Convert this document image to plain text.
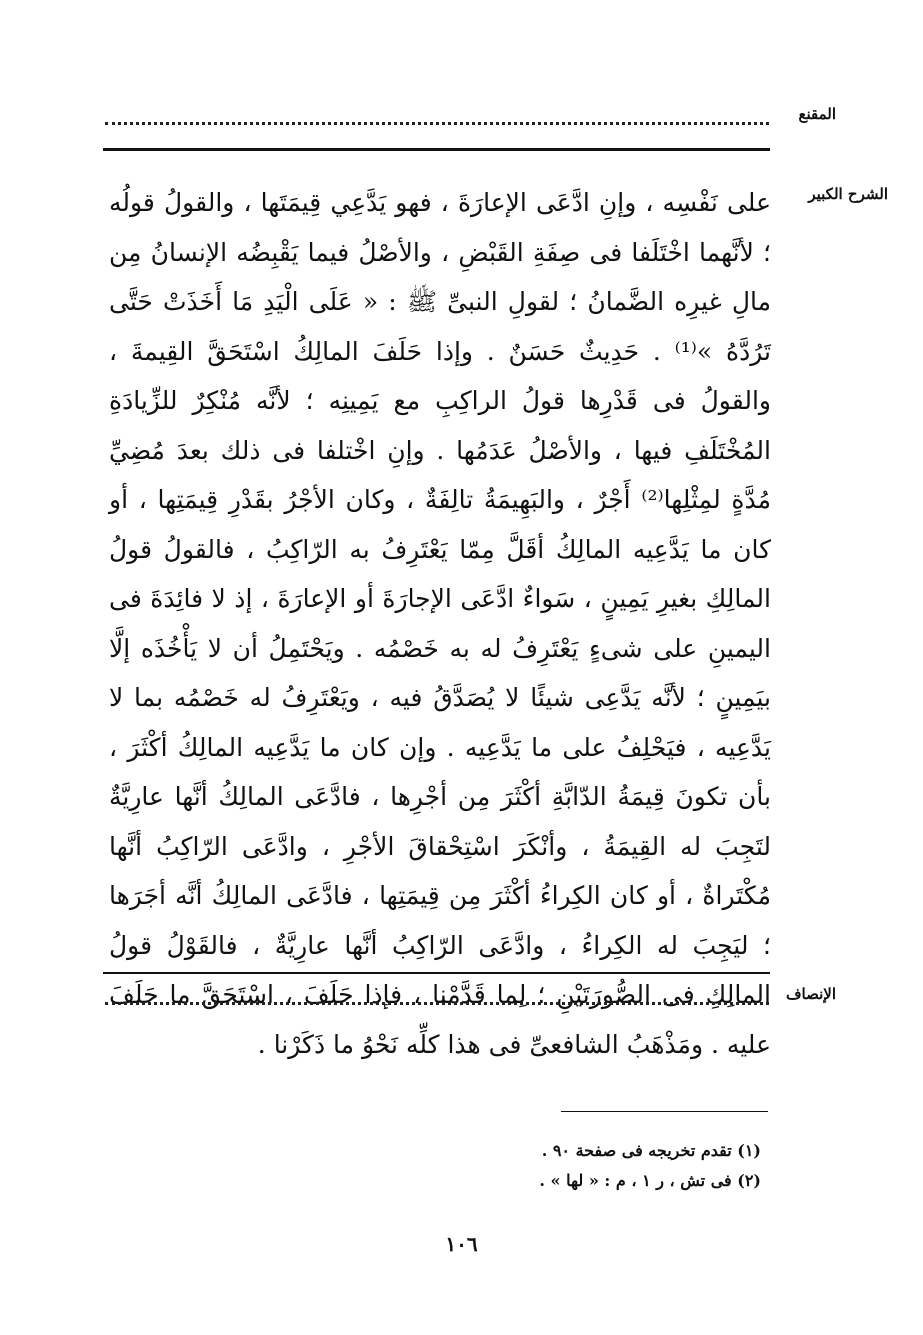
المقنع
الشرح الكبير

على نَفْسِه ، وإنِ ادَّعَى الإعارَةَ ، فهو يَدَّعِي قِيمَتَها ، والقولُ قولُه ؛ لأنَّهما اخْتَلَفا فى صِفَةِ القَبْضِ ، والأصْلُ فيما يَقْبِضُه الإنسانُ مِن مالِ غيرِه الضَّمانُ ؛ لقولِ النبىِّ ﷺ : « عَلَى الْيَدِ مَا أَخَذَتْ حَتَّى تَرُدَّهُ »⁽¹⁾ . حَدِيثٌ حَسَنٌ . وإذا حَلَفَ المالِكُ اسْتَحَقَّ القِيمةَ ، والقولُ فى قَدْرِها قولُ الراكِبِ مع يَمِينِه ؛ لأنَّه مُنْكِرٌ للزِّيادَةِ المُخْتَلَفِ فيها ، والأصْلُ عَدَمُها . وإنِ اخْتلفا فى ذلك بعدَ مُضِيِّ مُدَّةٍ لمِثْلِها⁽²⁾ أَجْرٌ ، والبَهِيمَةُ تالِفَةٌ ، وكان الأجْرُ بقَدْرِ قِيمَتِها ، أو كان ما يَدَّعِيه المالِكُ أقَلَّ مِمّا يَعْتَرِفُ به الرّاكِبُ ، فالقولُ قولُ المالِكِ بغيرِ يَمِينٍ ، سَواءٌ ادَّعَى الإجارَةَ أو الإعارَةَ ، إذ لا فائِدَةَ فى اليمينِ على شىءٍ يَعْتَرِفُ له به خَصْمُه . ويَحْتَمِلُ أن لا يَأْخُذَه إلَّا بيَمِينٍ ؛ لأنَّه يَدَّعِى شيئًا لا يُصَدَّقُ فيه ، ويَعْتَرِفُ له خَصْمُه بما لا يَدَّعِيه ، فيَحْلِفُ على ما يَدَّعِيه . وإن كان ما يَدَّعِيه المالِكُ أكْثَرَ ، بأن تكونَ قِيمَةُ الدّابَّةِ أكْثَرَ مِن أجْرِها ، فادَّعَى المالِكُ أنَّها عارِيَّةٌ لتَجِبَ له القِيمَةُ ، وأنْكَرَ اسْتِحْقاقَ الأجْرِ ، وادَّعَى الرّاكِبُ أنَّها مُكْتَراةٌ ، أو كان الكِراءُ أكْثَرَ مِن قِيمَتِها ، فادَّعَى المالِكُ أنَّه أجَرَها ؛ ليَجِبَ له الكِراءُ ، وادَّعَى الرّاكِبُ أنَّها عارِيَّةٌ ، فالقَوْلُ قولُ المالِكِ فى الصُّورَتَيْنِ ؛ لِما قَدَّمْنا ، فإذا حَلَفَ ، اسْتَحَقَّ ما حَلَفَ عليه . ومَذْهَبُ الشافعىِّ فى هذا كلِّه نَحْوُ ما ذَكَرْنا .

الإنصاف
(١) تقدم تخريجه فى صفحة ٩٠ .
(٢) فى تش ، ر ١ ، م : « لها » .
١٠٦
